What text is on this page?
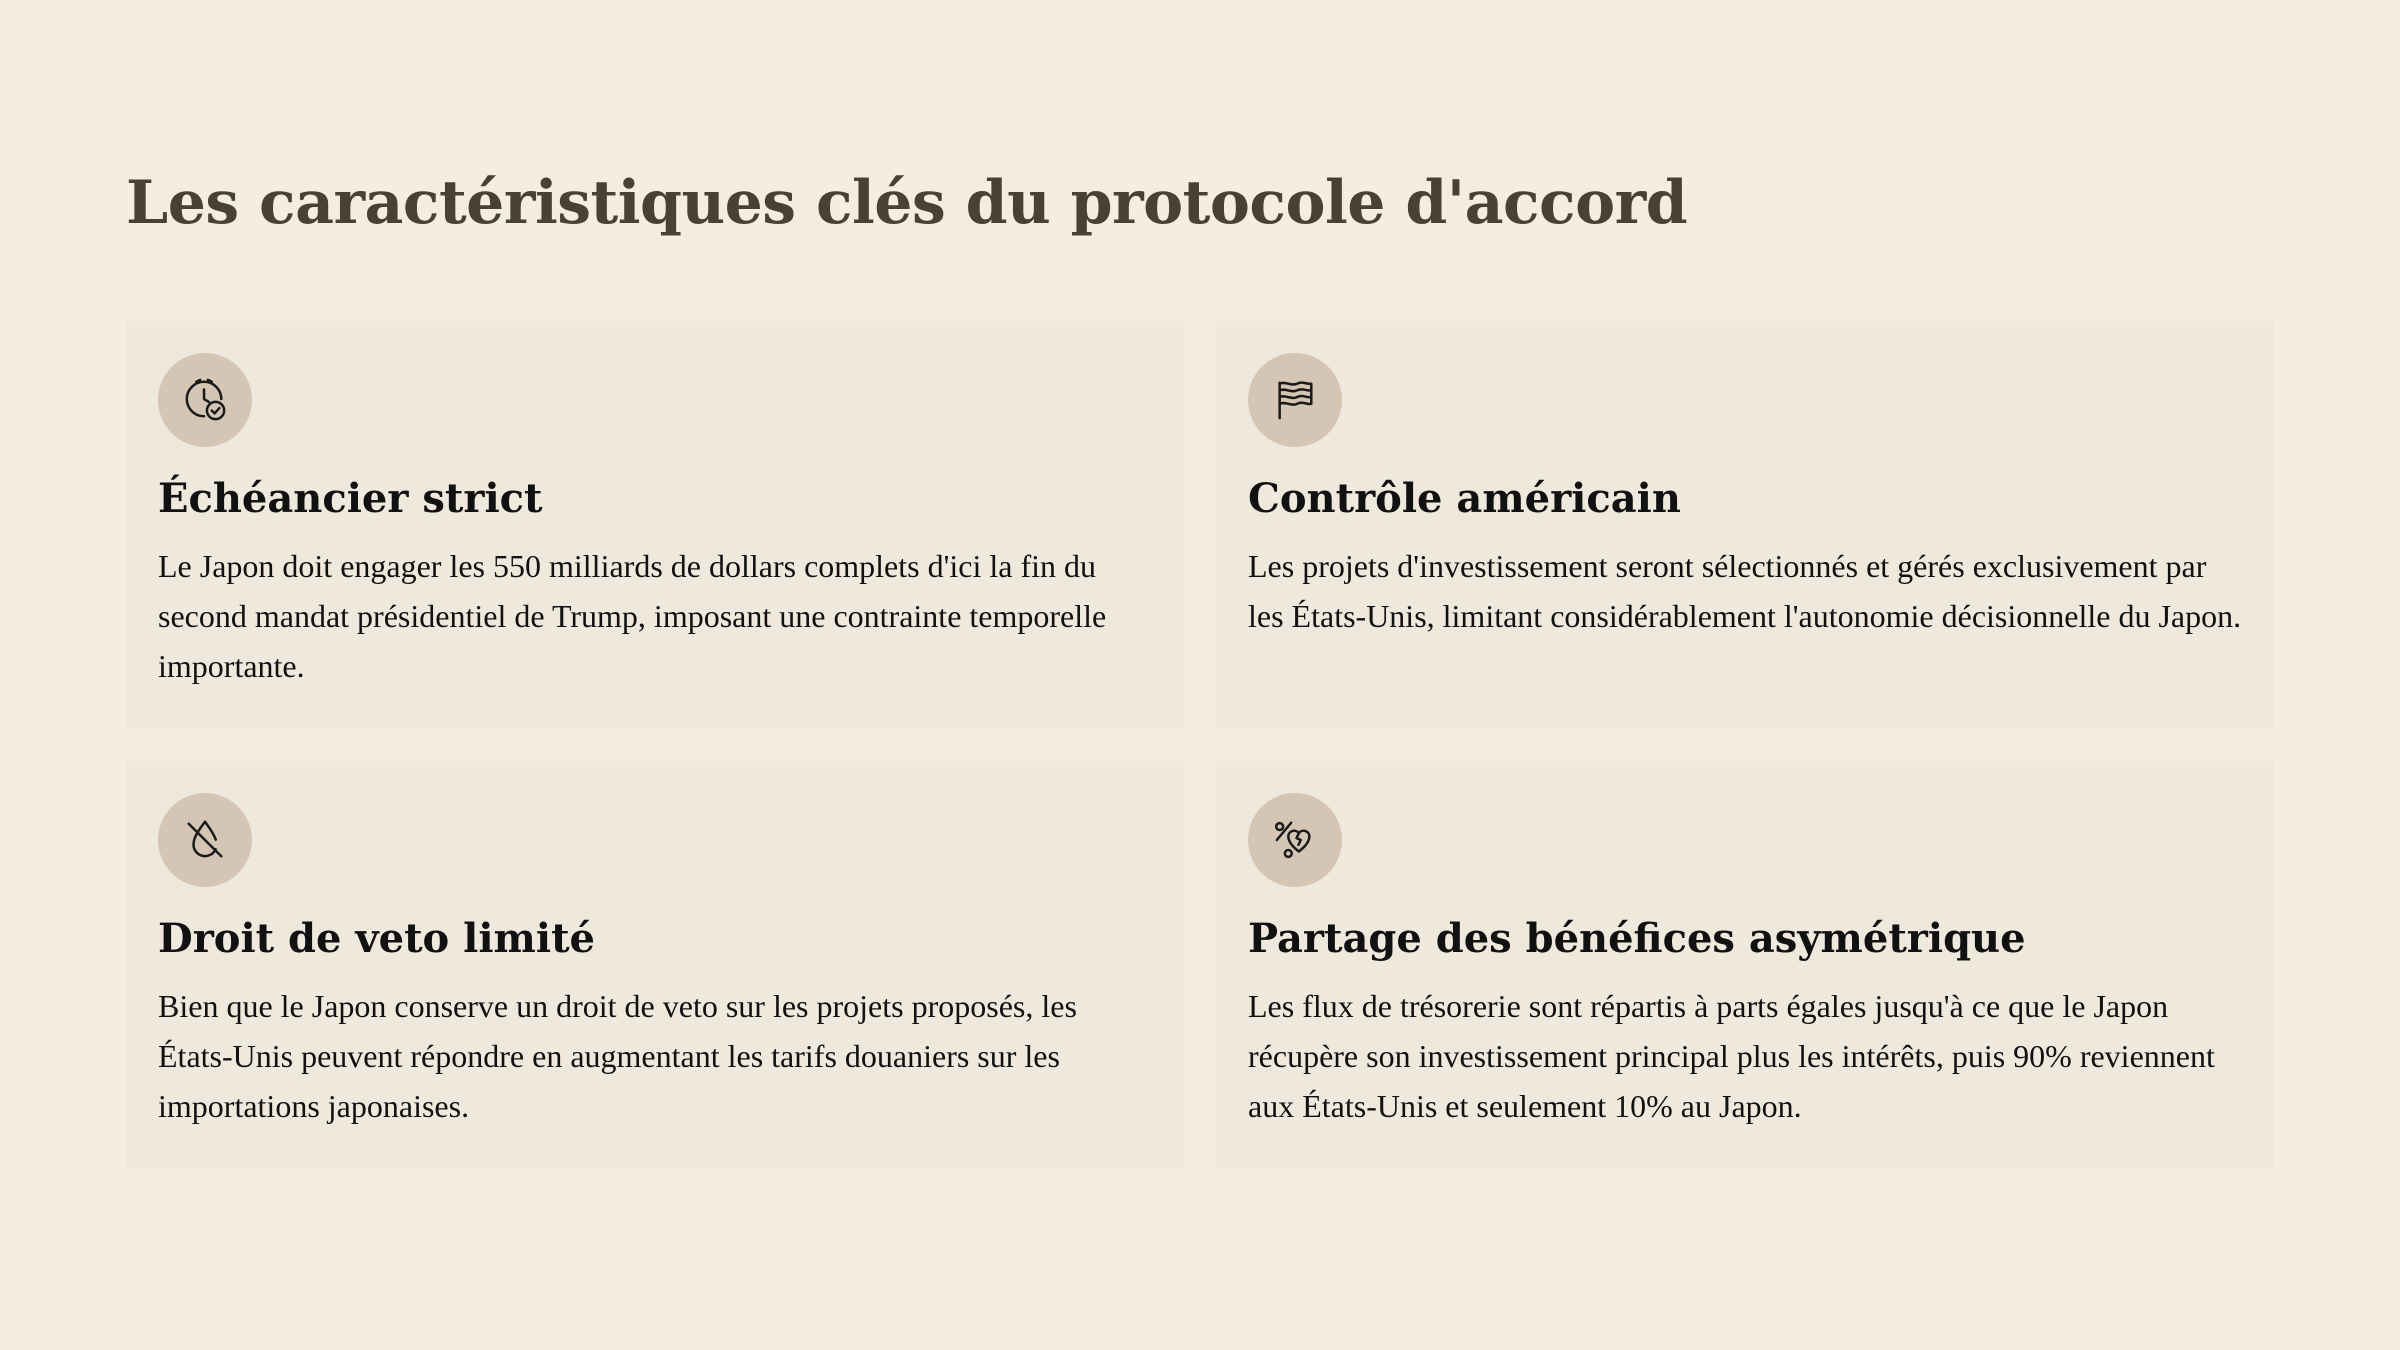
Les caractéristiques clés du protocole d'accord
Échéancier strict

Le Japon doit engager les 550 milliards de dollars complets d'ici la fin du second mandat présidentiel de Trump, imposant une contrainte temporelle importante.

Contrôle américain

Les projets d'investissement seront sélectionnés et gérés exclusivement par les États-Unis, limitant considérablement l'autonomie décisionnelle du Japon.

Droit de veto limité

Bien que le Japon conserve un droit de veto sur les projets proposés, les États-Unis peuvent répondre en augmentant les tarifs douaniers sur les importations japonaises.

Partage des bénéfices asymétrique

Les flux de trésorerie sont répartis à parts égales jusqu'à ce que le Japon récupère son investissement principal plus les intérêts, puis 90% reviennent aux États-Unis et seulement 10% au Japon.
